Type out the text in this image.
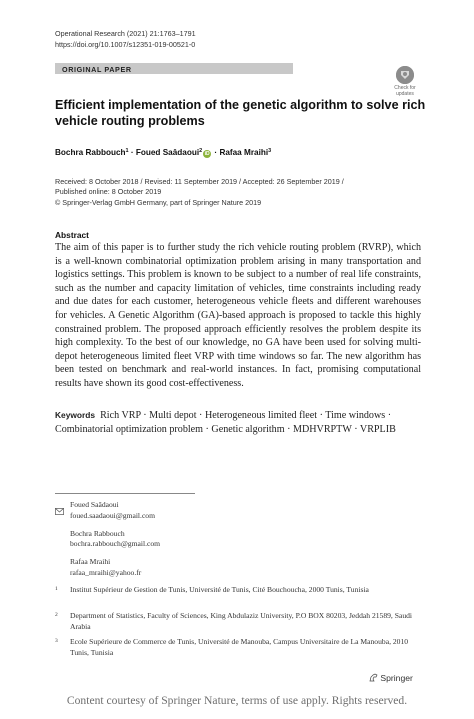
Operational Research (2021) 21:1763–1791
https://doi.org/10.1007/s12351-019-00521-0
ORIGINAL PAPER
Check for
updates
Efficient implementation of the genetic algorithm to solve rich vehicle routing problems
Bochra Rabbouch$^1$ · Foued Saâdaoui$^2$ iD · Rafaa Mraihi$^3$
Received: 8 October 2018 / Revised: 11 September 2019 / Accepted: 26 September 2019 /
Published online: 8 October 2019
© Springer-Verlag GmbH Germany, part of Springer Nature 2019
Abstract
The aim of this paper is to further study the rich vehicle routing problem (RVRP), which is a well-known combinatorial optimization problem arising in many transportation and logistics settings. This problem is known to be subject to a number of real life constraints, such as the number and capacity limitation of vehicles, time constraints including ready and due dates for each customer, heterogeneous vehicle fleets and different warehouses for vehicles. A Genetic Algorithm (GA)-based approach is proposed to tackle this highly constrained problem. The proposed approach efficiently resolves the problem despite its high complexity. To the best of our knowledge, no GA have been used for solving multi-depot heterogeneous limited fleet VRP with time windows so far. The new algorithm has been tested on benchmark and real-world instances. In fact, promising computational results have shown its good cost-effectiveness.
Keywords Rich VRP · Multi depot · Heterogeneous limited fleet · Time windows · Combinatorial optimization problem · Genetic algorithm · MDHVRPTW · VRPLIB
Foued Saâdaoui
foued.saadaoui@gmail.com
Bochra Rabbouch
bochra.rabbouch@gmail.com
Rafaa Mraihi
rafaa_mraihi@yahoo.fr
1 Institut Supérieur de Gestion de Tunis, Université de Tunis, Cité Bouchoucha, 2000 Tunis, Tunisia
2 Department of Statistics, Faculty of Sciences, King Abdulaziz University, P.O BOX 80203, Jeddah 21589, Saudi Arabia
3 Ecole Supérieure de Commerce de Tunis, Université de Manouba, Campus Universitaire de La Manouba, 2010 Tunis, Tunisia
Springer
Content courtesy of Springer Nature, terms of use apply. Rights reserved.
